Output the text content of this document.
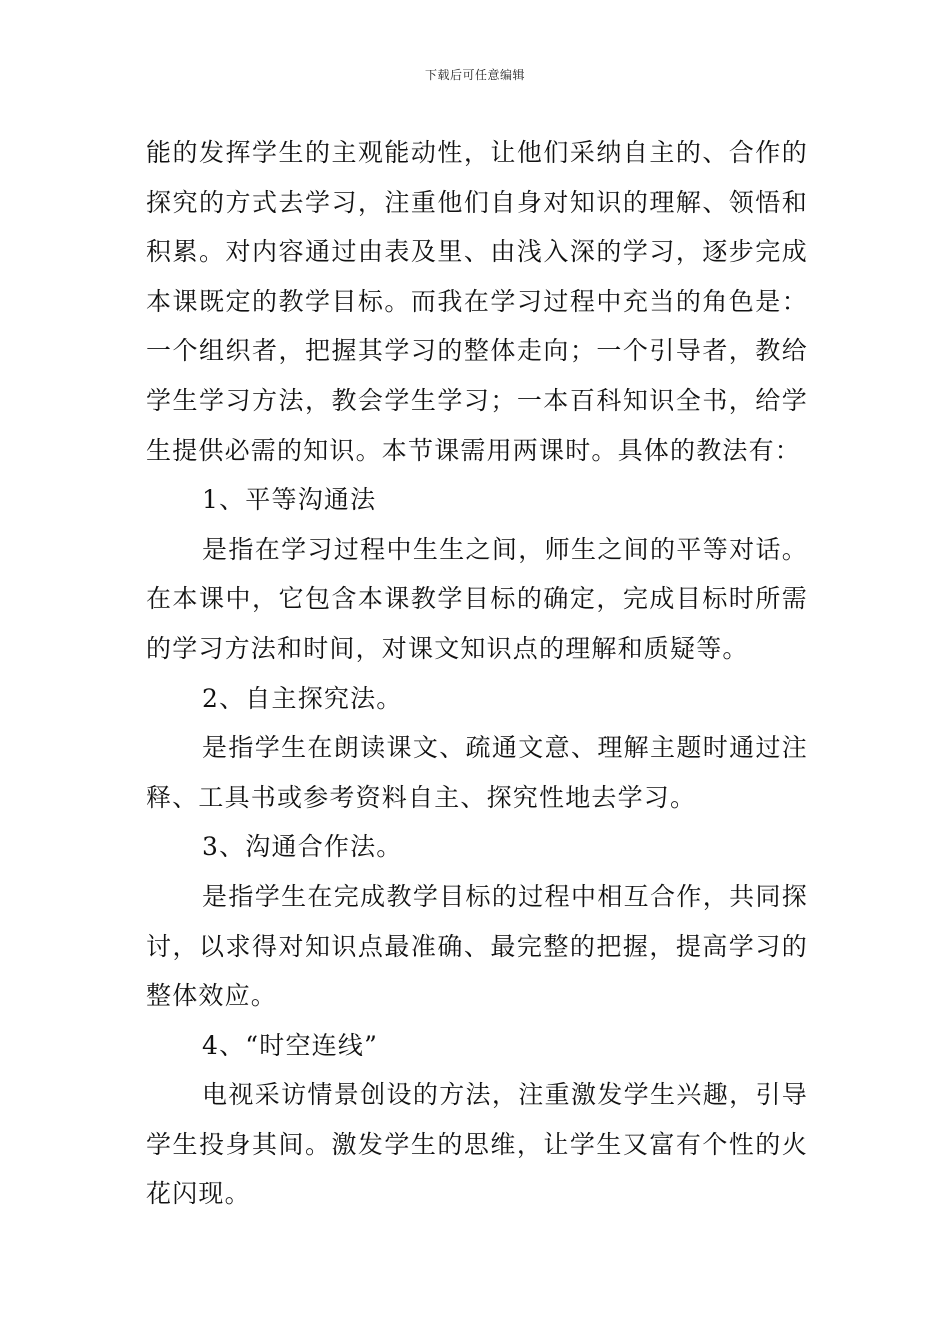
下载后可任意编辑

能的发挥学生的主观能动性，让他们采纳自主的、合作的探究的方式去学习，注重他们自身对知识的理解、领悟和积累。对内容通过由表及里、由浅入深的学习，逐步完成本课既定的教学目标。而我在学习过程中充当的角色是：一个组织者，把握其学习的整体走向；一个引导者，教给学生学习方法，教会学生学习；一本百科知识全书，给学生提供必需的知识。本节课需用两课时。具体的教法有：

1、平等沟通法

是指在学习过程中生生之间，师生之间的平等对话。在本课中，它包含本课教学目标的确定，完成目标时所需的学习方法和时间，对课文知识点的理解和质疑等。

2、自主探究法。

是指学生在朗读课文、疏通文意、理解主题时通过注释、工具书或参考资料自主、探究性地去学习。

3、沟通合作法。

是指学生在完成教学目标的过程中相互合作，共同探讨，以求得对知识点最准确、最完整的把握，提高学习的整体效应。

4、“时空连线”

电视采访情景创设的方法，注重激发学生兴趣，引导学生投身其间。激发学生的思维，让学生又富有个性的火花闪现。
